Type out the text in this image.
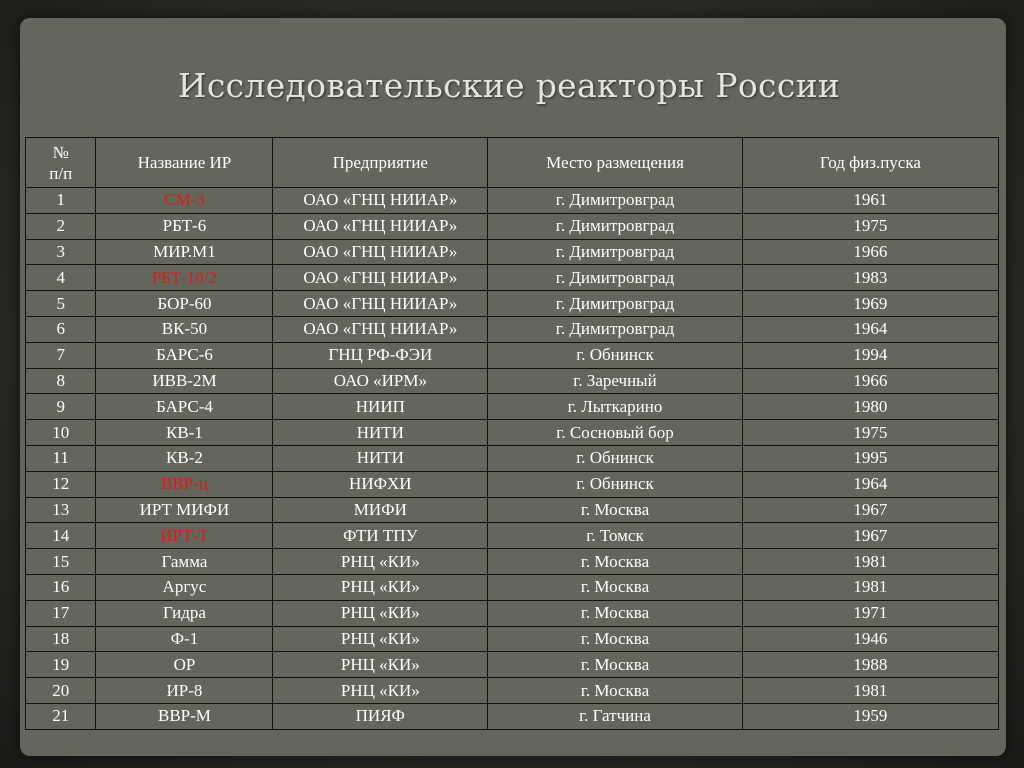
Исследовательские реакторы России
№
п/п	Название ИР	Предприятие	Место размещения	Год физ.пуска
1	СМ-3	ОАО «ГНЦ НИИАР»	г. Димитровград	1961
2	РБТ-6	ОАО «ГНЦ НИИАР»	г. Димитровград	1975
3	МИР.М1	ОАО «ГНЦ НИИАР»	г. Димитровград	1966
4	РБТ-10/2	ОАО «ГНЦ НИИАР»	г. Димитровград	1983
5	БОР-60	ОАО «ГНЦ НИИАР»	г. Димитровград	1969
6	ВК-50	ОАО «ГНЦ НИИАР»	г. Димитровград	1964
7	БАРС-6	ГНЦ РФ-ФЭИ	г. Обнинск	1994
8	ИВВ-2М	ОАО «ИРМ»	г. Заречный	1966
9	БАРС-4	НИИП	г. Лыткарино	1980
10	КВ-1	НИТИ	г. Сосновый бор	1975
11	КВ-2	НИТИ	г. Обнинск	1995
12	ВВР-ц	НИФХИ	г. Обнинск	1964
13	ИРТ МИФИ	МИФИ	г. Москва	1967
14	ИРТ-Т	ФТИ ТПУ	г. Томск	1967
15	Гамма	РНЦ «КИ»	г. Москва	1981
16	Аргус	РНЦ «КИ»	г. Москва	1981
17	Гидра	РНЦ «КИ»	г. Москва	1971
18	Ф-1	РНЦ «КИ»	г. Москва	1946
19	ОР	РНЦ «КИ»	г. Москва	1988
20	ИР-8	РНЦ «КИ»	г. Москва	1981
21	ВВР-М	ПИЯФ	г. Гатчина	1959
